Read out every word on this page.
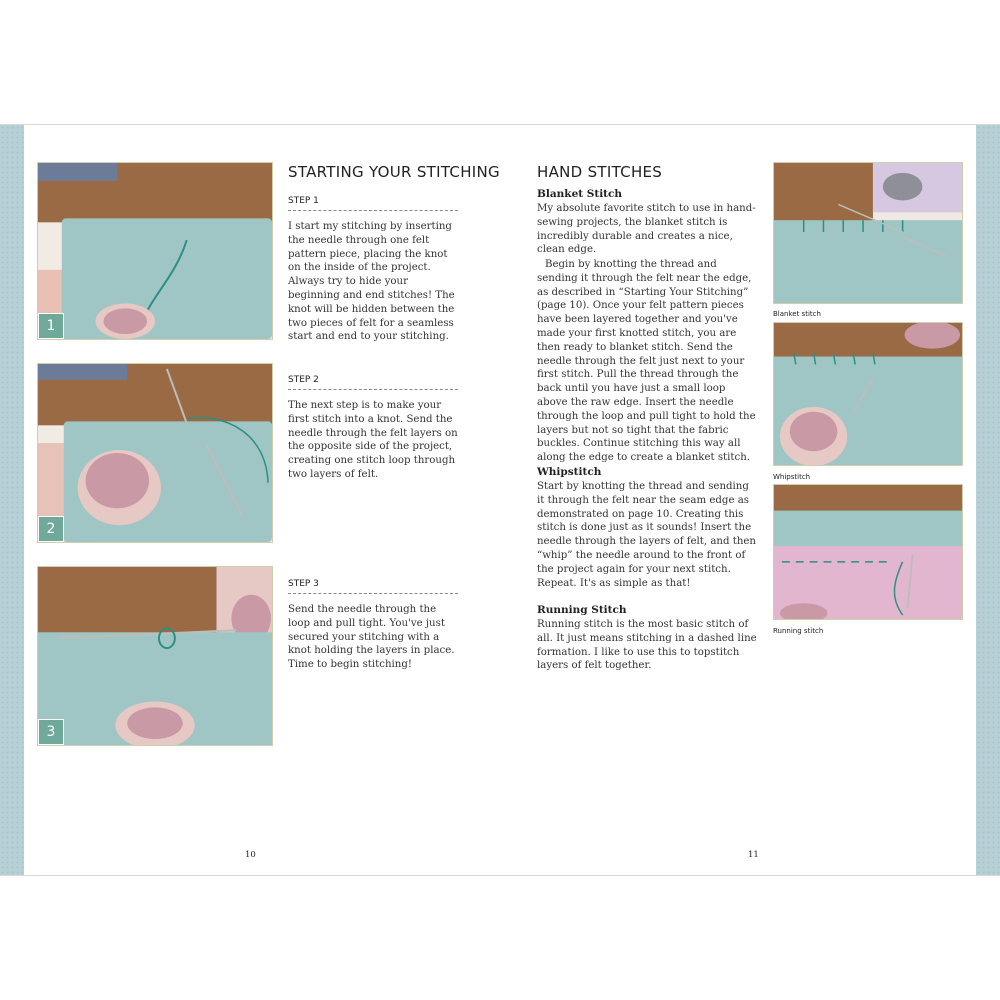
1
2
3
STARTING YOUR STITCHING
STEP 1

I start my stitching by inserting the needle through one felt pattern piece, placing the knot on the inside of the project. Always try to hide your beginning and end stitches! The knot will be hidden between the two pieces of felt for a seamless start and end to your stitching.

STEP 2

The next step is to make your first stitch into a knot. Send the needle through the felt layers on the opposite side of the project, creating one stitch loop through two layers of felt.

STEP 3

Send the needle through the loop and pull tight. You've just secured your stitching with a knot holding the layers in place. Time to begin stitching!

10
HAND STITCHES
Blanket Stitch

My absolute favorite stitch to use in hand-sewing projects, the blanket stitch is incredibly durable and creates a nice, clean edge.

Begin by knotting the thread and sending it through the felt near the edge, as described in “Starting Your Stitching” (page 10). Once your felt pattern pieces have been layered together and you've made your first knotted stitch, you are then ready to blanket stitch. Send the needle through the felt just next to your first stitch. Pull the thread through the back until you have just a small loop above the raw edge. Insert the needle through the loop and pull tight to hold the layers but not so tight that the fabric buckles. Continue stitching this way all along the edge to create a blanket stitch.

Whipstitch

Start by knotting the thread and sending it through the felt near the seam edge as demonstrated on page 10. Creating this stitch is done just as it sounds! Insert the needle through the layers of felt, and then “whip” the needle around to the front of the project again for your next stitch. Repeat. It's as simple as that!

Running Stitch

Running stitch is the most basic stitch of all. It just means stitching in a dashed line formation. I like to use this to topstitch layers of felt together.

11
Blanket stitch
Whipstitch
Running stitch
